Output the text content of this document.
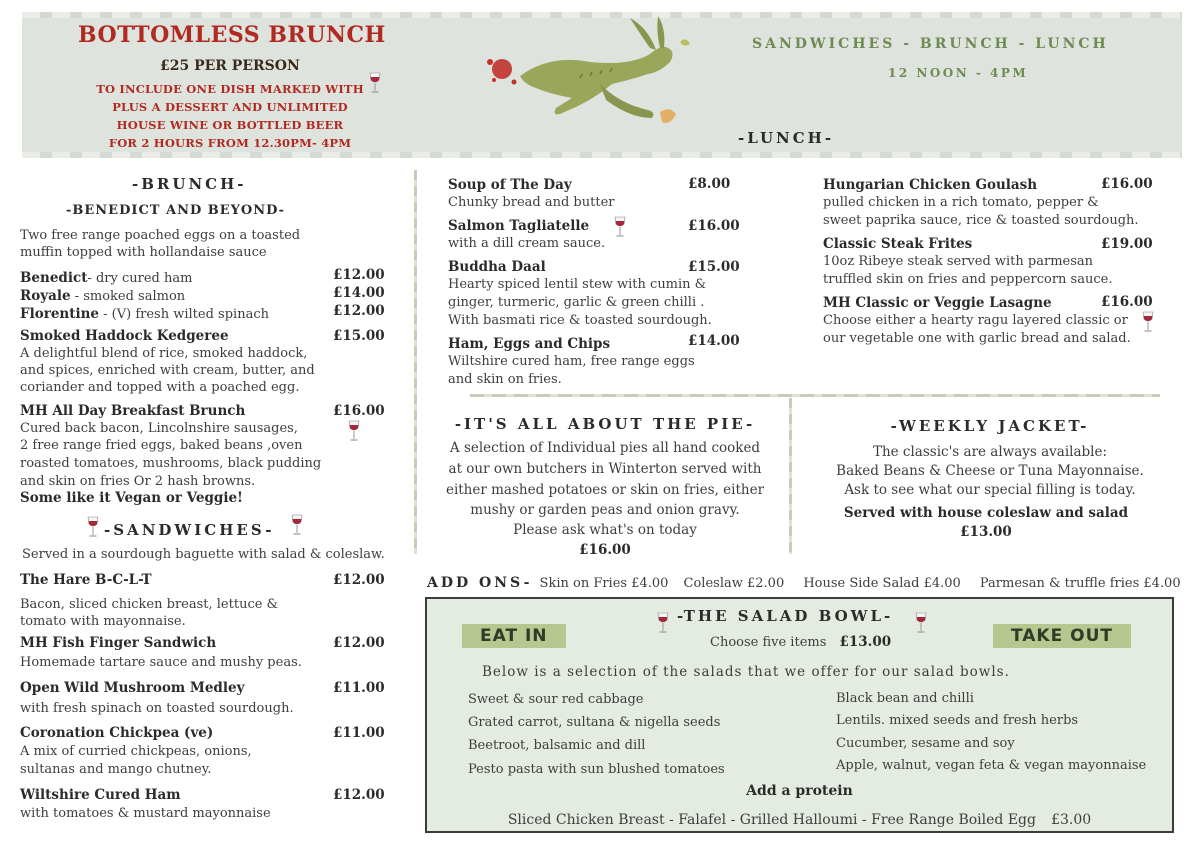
BOTTOMLESS BRUNCH
£25 PER PERSON
TO INCLUDE ONE DISH MARKED WITH
PLUS A DESSERT AND UNLIMITED
HOUSE WINE OR BOTTLED BEER
FOR 2 HOURS FROM 12.30PM- 4PM
SANDWICHES - BRUNCH - LUNCH
12 NOON - 4PM
-LUNCH-
-BRUNCH-
-BENEDICT AND BEYOND-
Two free range poached eggs on a toasted
muffin topped with hollandaise sauce
Benedict- dry cured ham	£12.00
Royale - smoked salmon	£14.00
Florentine - (V) fresh wilted spinach	£12.00
Smoked Haddock Kedgeree	£15.00
A delightful blend of rice, smoked haddock,
and spices, enriched with cream, butter, and
coriander and topped with a poached egg.
MH All Day Breakfast Brunch	£16.00
Cured back bacon, Lincolnshire sausages,
2 free range fried eggs, baked beans ,oven
roasted tomatoes, mushrooms, black pudding
and skin on fries Or 2 hash browns.
Some like it Vegan or Veggie!
-SANDWICHES-
Served in a sourdough baguette with salad & coleslaw.
The Hare B-C-L-T	£12.00
Bacon, sliced chicken breast, lettuce &
tomato with mayonnaise.
MH Fish Finger Sandwich	£12.00
Homemade tartare sauce and mushy peas.
Open Wild Mushroom Medley	£11.00
with fresh spinach on toasted sourdough.
Coronation Chickpea (ve)	£11.00
A mix of curried chickpeas, onions,
sultanas and mango chutney.
Wiltshire Cured Ham	£12.00
with tomatoes & mustard mayonnaise
Soup of The Day	£8.00
Chunky bread and butter
Salmon Tagliatelle	£16.00
with a dill cream sauce.
Buddha Daal	£15.00
Hearty spiced lentil stew with cumin &
ginger, turmeric, garlic & green chilli .
With basmati rice & toasted sourdough.
Ham, Eggs and Chips	£14.00
Wiltshire cured ham, free range eggs
and skin on fries.
Hungarian Chicken Goulash	£16.00
pulled chicken in a rich tomato, pepper &
sweet paprika sauce, rice & toasted sourdough.
Classic Steak Frites	£19.00
10oz Ribeye steak served with parmesan
truffled skin on fries and peppercorn sauce.
MH Classic or Veggie Lasagne	£16.00
Choose either a hearty ragu layered classic or
our vegetable one with garlic bread and salad.
-IT'S ALL ABOUT THE PIE-
A selection of Individual pies all hand cooked
at our own butchers in Winterton served with
either mashed potatoes or skin on fries, either
mushy or garden peas and onion gravy.
Please ask what's on today
£16.00
-WEEKLY JACKET-
The classic's are always available:
Baked Beans & Cheese or Tuna Mayonnaise.
Ask to see what our special filling is today.
Served with house coleslaw and salad
£13.00
ADD ONS- Skin on Fries £4.00 Coleslaw £2.00 House Side Salad £4.00 Parmesan & truffle fries £4.00
-THE SALAD BOWL-
Choose five items £13.00
EAT IN	TAKE OUT
Below is a selection of the salads that we offer for our salad bowls.
Sweet & sour red cabbage
Grated carrot, sultana & nigella seeds
Beetroot, balsamic and dill
Pesto pasta with sun blushed tomatoes
Black bean and chilli
Lentils. mixed seeds and fresh herbs
Cucumber, sesame and soy
Apple, walnut, vegan feta & vegan mayonnaise
Add a protein
Sliced Chicken Breast - Falafel - Grilled Halloumi - Free Range Boiled Egg £3.00
